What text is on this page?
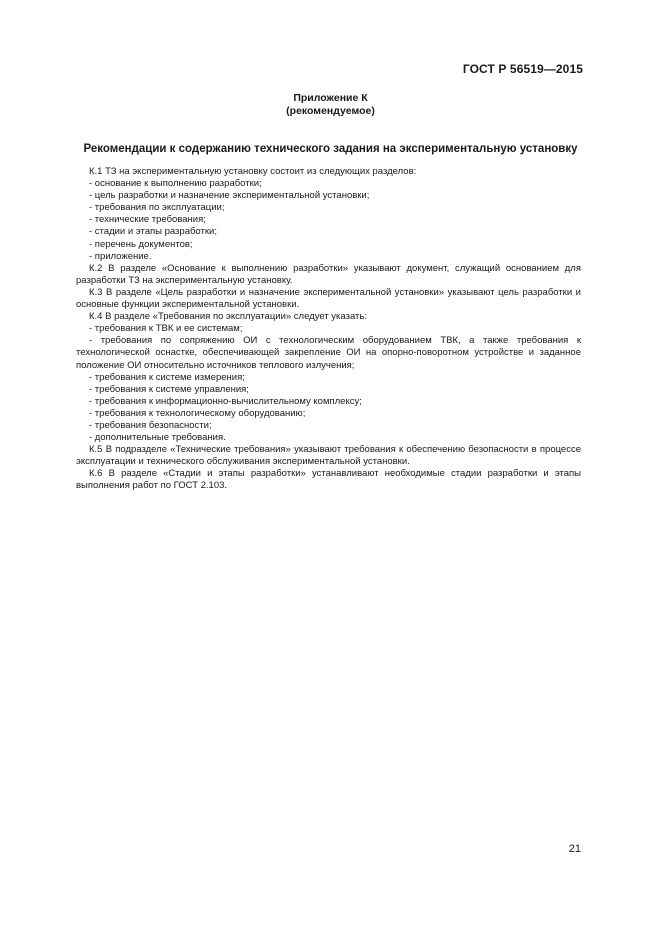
ГОСТ Р 56519—2015
Приложение К
(рекомендуемое)
Рекомендации к содержанию технического задания на экспериментальную установку

К.1 ТЗ на экспериментальную установку состоит из следующих разделов:

- основание к выполнению разработки;

- цель разработки и назначение экспериментальной установки;

- требования по эксплуатации;

- технические требования;

- стадии и этапы разработки;

- перечень документов;

- приложение.

К.2 В разделе «Основание к выполнению разработки» указывают документ, служащий основанием для разработки ТЗ на экспериментальную установку.

К.3 В разделе «Цель разработки и назначение экспериментальной установки» указывают цель разработки и основные функции экспериментальной установки.

К.4 В разделе «Требования по эксплуатации» следует указать:

- требования к ТВК и ее системам;

- требования по сопряжению ОИ с технологическим оборудованием ТВК, а также требования к технологической оснастке, обеспечивающей закрепление ОИ на опорно-поворотном устройстве и заданное положение ОИ относительно источников теплового излучения;

- требования к системе измерения;

- требования к системе управления;

- требования к информационно-вычислительному комплексу;

- требования к технологическому оборудованию;

- требования безопасности;

- дополнительные требования.

К.5 В подразделе «Технические требования» указывают требования к обеспечению безопасности в процессе эксплуатации и технического обслуживания экспериментальной установки.

К.6 В разделе «Стадии и этапы разработки» устанавливают необходимые стадии разработки и этапы выполнения работ по ГОСТ 2.103.

21
